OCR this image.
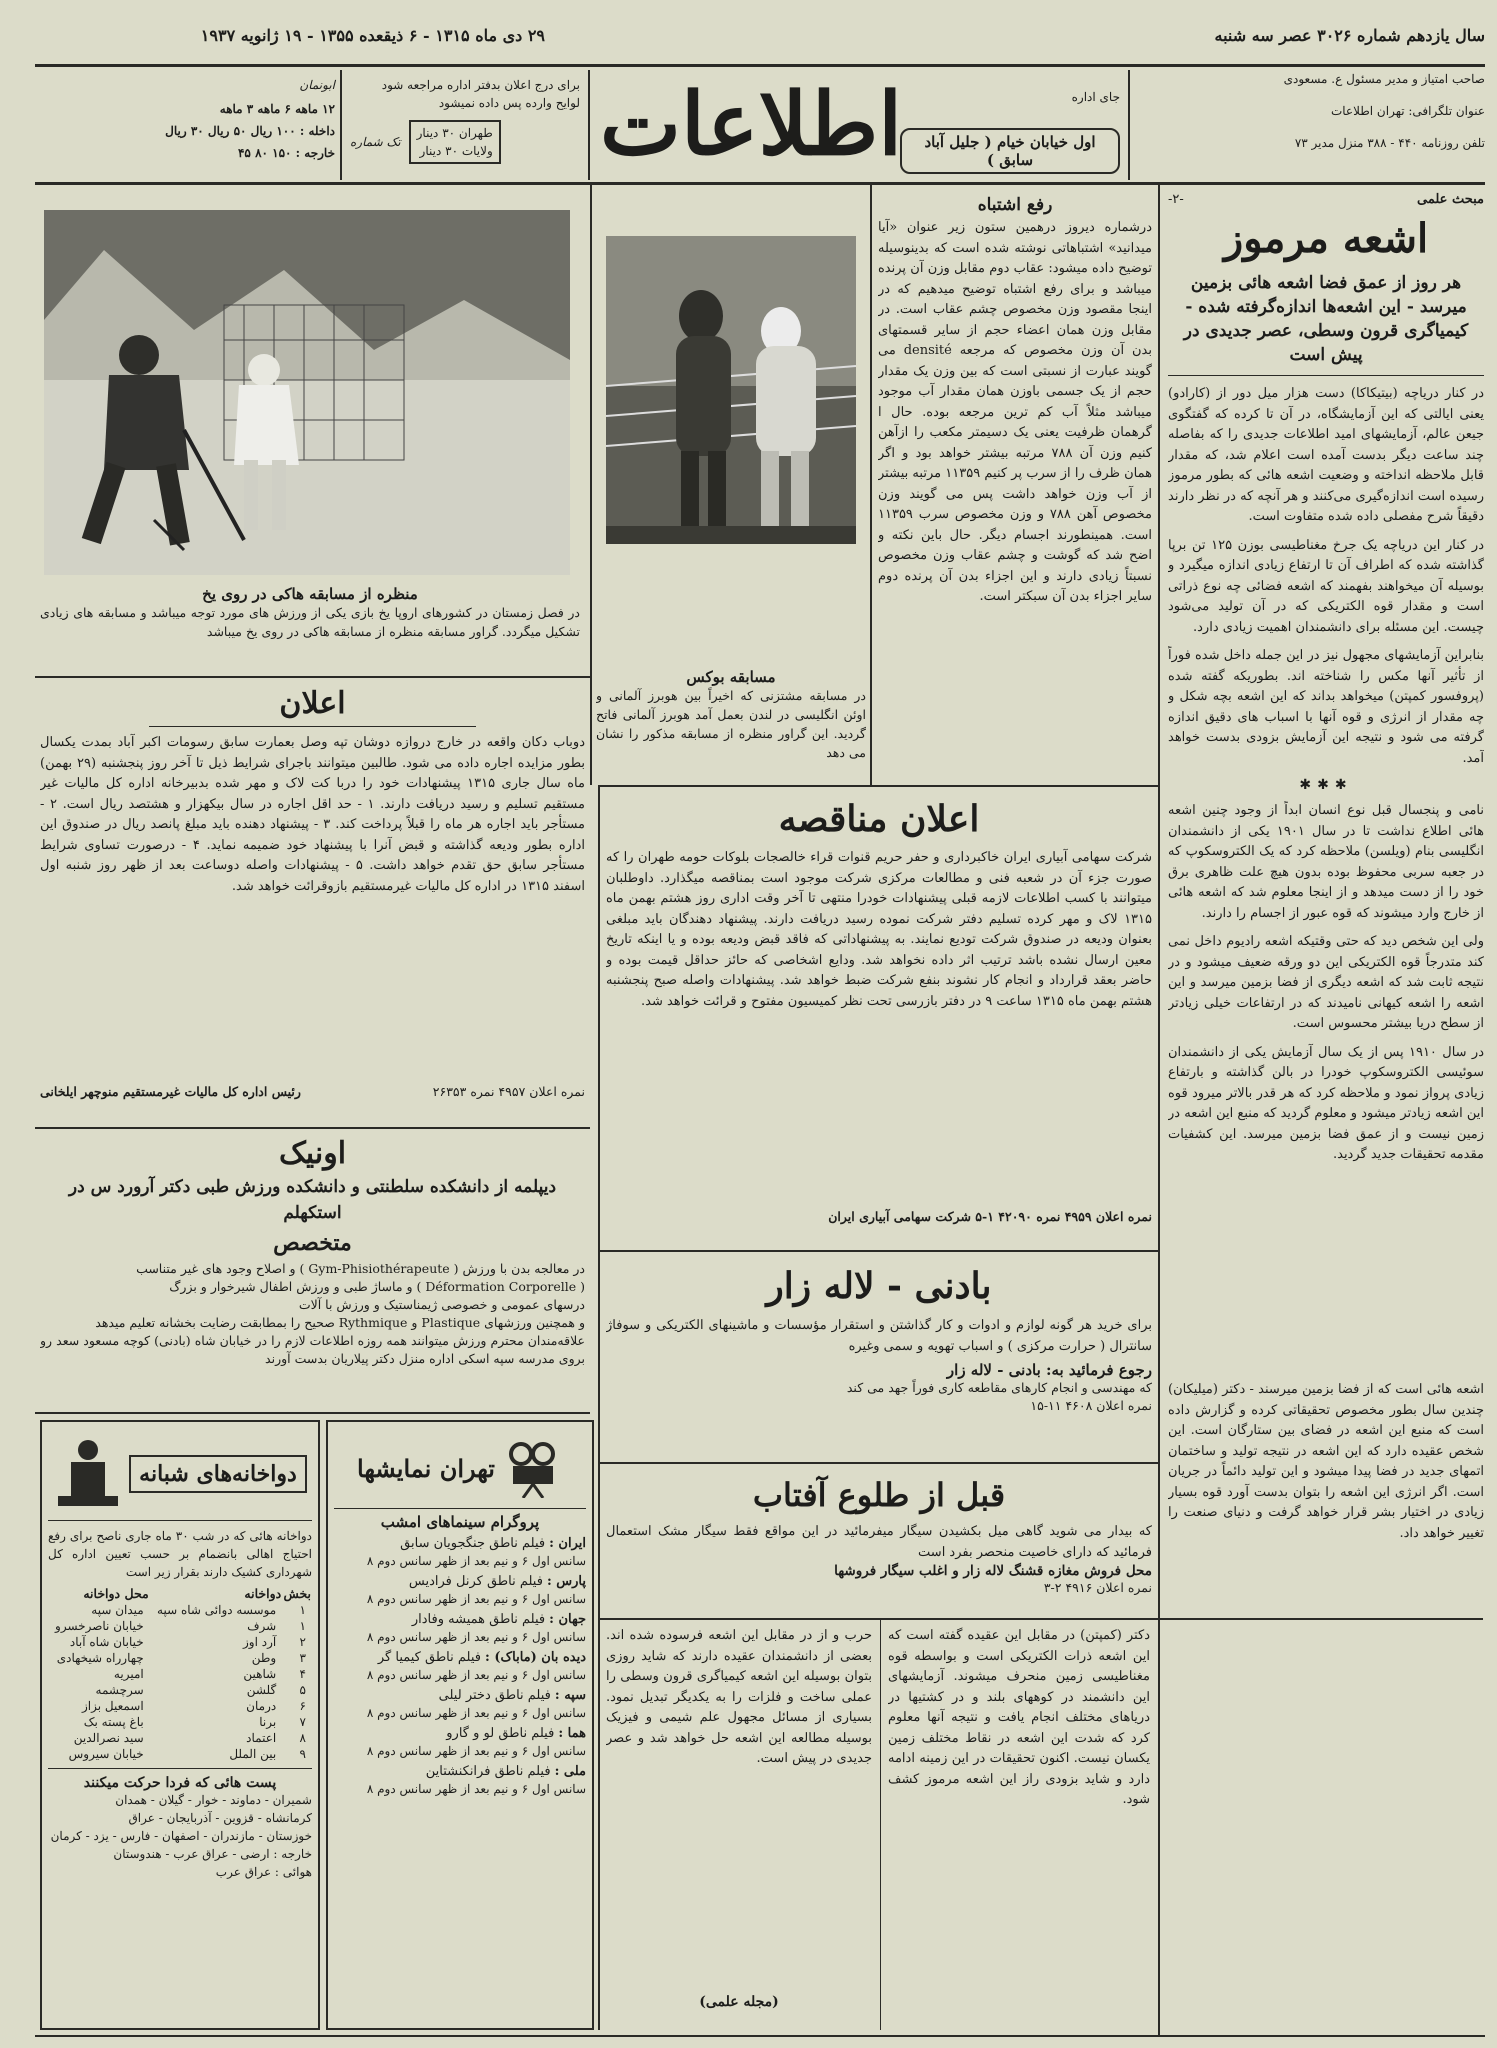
سال یازدهم شماره ۳۰۲۶ عصر سه شنبه
۲۹ دی ماه ۱۳۱۵ - ۶ ذیقعده ۱۳۵۵ - ۱۹ ژانویه ۱۹۳۷
صاحب امتیاز و مدیر مسئول ع. مسعودی
عنوان تلگرافی: تهران اطلاعات
تلفن روزنامه ۴۴۰ - ۳۸۸ منزل مدیر ۷۳
جای اداره
اول خیابان خیام ( جلیل آباد سابق )
اطلاعات
برای درج اعلان بدفتر اداره مراجعه شود
لوایح وارده پس داده نمیشود
تک شماره
طهران ۳۰ دینار
ولایات ۳۰ دینار
ابونمان
۱۲ ماهه ۶ ماهه ۳ ماهه
داخله : ۱۰۰ ریال ۵۰ ریال ۳۰ ریال
خارجه : ۱۵۰ ۸۰ ۴۵
-۲-	مبحث علمی
اشعه مرموز
هر روز از عمق فضا اشعه هائی بزمین میرسد - این اشعه‌ها اندازه‌گرفته شده - کیمیاگری قرون وسطی، عصر جدیدی در پیش است

در کنار دریاچه (بیتیکاکا) دست هزار میل دور از (کارادو) یعنی ایالتی که این آزمایشگاه، در آن تا کرده که گفتگوی جیعن عالم، آزمایشهای امید اطلاعات جدیدی را که بفاصله چند ساعت دیگر بدست آمده است اعلام شد، که مقدار قابل ملاحظه انداخته و وضعیت اشعه هائی که بطور مرموز رسیده است اندازه‌گیری می‌کنند و هر آنچه که در نظر دارند دقیقاً شرح مفصلی داده شده متفاوت است.

در کنار این دریاچه یک جرخ مغناطیسی بوزن ۱۲۵ تن برپا گذاشته شده که اطراف آن تا ارتفاع زیادی اندازه میگیرد و بوسیله آن میخواهند بفهمند که اشعه فضائی چه نوع ذراتی است و مقدار قوه الکتریکی که در آن تولید می‌شود چیست. این مسئله برای دانشمندان اهمیت زیادی دارد.

بنابراین آزمایشهای مجهول نیز در این جمله داخل شده فوراً از تأثیر آنها مکس را شناخته اند. بطوریکه گفته شده (پروفسور کمپتن) میخواهد بداند که این اشعه بچه شکل و چه مقدار از انرژی و قوه آنها با اسباب های دقیق اندازه گرفته می شود و نتیجه این آزمایش بزودی بدست خواهد آمد.

✱✱✱

نامی و پنجسال قبل نوع انسان ابداً از وجود چنین اشعه هائی اطلاع نداشت تا در سال ۱۹۰۱ یکی از دانشمندان انگلیسی بنام (ویلسن) ملاحظه کرد که یک الکتروسکوپ که در جعبه سربی محفوظ بوده بدون هیچ علت ظاهری برق خود را از دست میدهد و از اینجا معلوم شد که اشعه هائی از خارج وارد میشوند که قوه عبور از اجسام را دارند.

ولی این شخص دید که حتی وقتیکه اشعه رادیوم داخل نمی کند متدرجاً قوه الکتریکی این دو ورقه ضعیف میشود و در نتیجه ثابت شد که اشعه دیگری از فضا بزمین میرسد و این اشعه را اشعه کیهانی نامیدند که در ارتفاعات خیلی زیادتر از سطح دریا بیشتر محسوس است.

در سال ۱۹۱۰ پس از یک سال آزمایش یکی از دانشمندان سوئیسی الکتروسکوپ خودرا در بالن گذاشته و بارتفاع زیادی پرواز نمود و ملاحظه کرد که هر قدر بالاتر میرود قوه این اشعه زیادتر میشود و معلوم گردید که منبع این اشعه در زمین نیست و از عمق فضا بزمین میرسد. این کشفیات مقدمه تحقیقات جدید گردید.

رفع اشتباه

درشماره دیروز درهمین ستون زیر عنوان «آیا میدانید» اشتباهاتی نوشته شده است که بدینوسیله توضیح داده میشود: عقاب دوم مقابل وزن آن پرنده میباشد و برای رفع اشتباه توضیح میدهیم که در اینجا مقصود وزن مخصوص چشم عقاب است. در مقابل وزن همان اعضاء حجم از سایر قسمتهای بدن آن وزن مخصوص که مرجعه densité می گویند عبارت از نسبتی است که بین وزن یک مقدار حجم از یک جسمی باوزن همان مقدار آب موجود میباشد مثلاً آب کم ترین مرجعه بوده. حال ا گرهمان ظرفیت یعنی یک دسیمتر مکعب را ازآهن کنیم وزن آن ۷۸۸ مرتبه بیشتر خواهد بود و اگر همان ظرف را از سرب پر کنیم ۱۱۳۵۹ مرتبه بیشتر از آب وزن خواهد داشت پس می گویند وزن مخصوص آهن ۷۸۸ و وزن مخصوص سرب ۱۱۳۵۹ است. همینطورند اجسام دیگر. حال باین نکته و اضح شد که گوشت و چشم عقاب وزن مخصوص نسبتاً زیادی دارند و این اجزاء بدن آن پرنده دوم سایر اجزاء بدن آن سبکتر است.

مسابقه بوکس

در مسابقه مشتزنی که اخیراً بین هوبرز آلمانی و اوئن انگلیسی در لندن بعمل آمد هوبرز آلمانی فاتح گردید. این گراور منظره از مسابقه مذکور را نشان می دهد

منظره از مسابقه هاکی در روی یخ

در فصل زمستان در کشورهای اروپا یخ بازی یکی از ورزش های مورد توجه میباشد و مسابقه های زیادی تشکیل میگردد. گراور مسابقه منظره از مسابقه هاکی در روی یخ میباشد

اعلان

دوباب دکان واقعه در خارج دروازه دوشان تپه وصل بعمارت سابق رسومات اکبر آباد بمدت یکسال بطور مزایده اجاره داده می شود. طالبین میتوانند باجرای شرایط ذیل تا آخر روز پنجشنبه (۲۹ بهمن) ماه سال جاری ۱۳۱۵ پیشنهادات خود را دربا کت لاک و مهر شده بدبیرخانه اداره کل مالیات غیر مستقیم تسلیم و رسید دریافت دارند. ۱ - حد اقل اجاره در سال بیکهزار و هشتصد ریال است. ۲ - مستأجر باید اجاره هر ماه را قبلاً پرداخت کند. ۳ - پیشنهاد دهنده باید مبلغ پانصد ریال در صندوق این اداره بطور ودیعه گذاشته و قبض آنرا با پیشنهاد خود ضمیمه نماید. ۴ - درصورت تساوی شرایط مستأجر سابق حق تقدم خواهد داشت. ۵ - پیشنهادات واصله دوساعت بعد از ظهر روز شنبه اول اسفند ۱۳۱۵ در اداره کل مالیات غیرمستقیم بازوقرائت خواهد شد.

نمره اعلان ۴۹۵۷ نمره ۲۶۳۵۳
رئیس اداره کل مالیات غیرمستقیم منوچهر ایلخانی
اونیک
دیپلمه از دانشکده سلطنتی و دانشکده ورزش طبی دکتر آرورد س در استکهلم
متخصص

در معالجه بدن با ورزش ( Gym-Phisiothérapeute ) و اصلاح وجود های غیر متناسب

( Déformation Corporelle ) و ماساژ طبی و ورزش اطفال شیرخوار و بزرگ

درسهای عمومی و خصوصی ژیمناستیک و ورزش با آلات

و همچنین ورزشهای Plastique و Rythmique صحیح را بمطابقت رضایت بخشانه تعلیم میدهد

علاقه‌مندان محترم ورزش میتوانند همه روزه اطلاعات لازم را در خیابان شاه (بادنی) کوچه مسعود سعد رو بروی مدرسه سپه اسکی اداره منزل دکتر پیلاریان بدست آورند

دواخانه‌های شبانه

دواخانه هائی که در شب ۳۰ ماه جاری ناصح برای رفع احتیاج اهالی بانضمام بر حسب تعیین اداره کل شهرداری کشیک دارند بقرار زیر است

بخش	دواخانه	محل دواخانه
۱	موسسه دوائی شاه سپه	میدان سپه
۱	شرف	خیابان ناصرخسرو
۲	آرد اوز	خیابان شاه آباد
۳	وطن	چهارراه شیخهادی
۴	شاهین	امیریه
۵	گلشن	سرچشمه
۶	درمان	اسمعیل بزاز
۷	برنا	باغ پسته بک
۸	اعتماد	سید نصرالدین
۹	بین الملل	خیابان سیروس
پست هائی که فردا حرکت میکنند
شمیران - دماوند - خوار - گیلان - همدان
کرمانشاه - قزوین - آذربایجان - عراق
خوزستان - مازندران - اصفهان - فارس - یزد - کرمان
خارجه : ارضی - عراق عرب - هندوستان
هوائی : عراق عرب
تهران نمایشها
پروگرام سینماهای امشب
ایران :فیلم ناطق جنگجویان سابق
سانس اول ۶ و نیم بعد از ظهر سانس دوم ۸
پارس :فیلم ناطق کرنل فرادیس
سانس اول ۶ و نیم بعد از ظهر سانس دوم ۸
جهان :فیلم ناطق همیشه وفادار
سانس اول ۶ و نیم بعد از ظهر سانس دوم ۸
دیده بان (ماباک) :فیلم ناطق کیمیا گر
سانس اول ۶ و نیم بعد از ظهر سانس دوم ۸
سپه :فیلم ناطق دختر لیلی
سانس اول ۶ و نیم بعد از ظهر سانس دوم ۸
هما :فیلم ناطق لو و گارو
سانس اول ۶ و نیم بعد از ظهر سانس دوم ۸
ملی :فیلم ناطق فرانکنشتاین
سانس اول ۶ و نیم بعد از ظهر سانس دوم ۸
اعلان مناقصه

شرکت سهامی آبیاری ایران خاکبرداری و حفر حریم قنوات قراء خالصجات بلوکات حومه طهران را که صورت جزء آن در شعبه فنی و مطالعات مرکزی شرکت موجود است بمناقصه میگذارد. داوطلبان میتوانند با کسب اطلاعات لازمه قبلی پیشنهادات خودرا منتهی تا آخر وقت اداری روز هشتم بهمن ماه ۱۳۱۵ لاک و مهر کرده تسلیم دفتر شرکت نموده رسید دریافت دارند. پیشنهاد دهندگان باید مبلغی بعنوان ودیعه در صندوق شرکت تودیع نمایند. به پیشنهاداتی که فاقد قبض ودیعه بوده و یا اینکه تاریخ معین ارسال نشده باشد ترتیب اثر داده نخواهد شد. ودایع اشخاصی که حائز حداقل قیمت بوده و حاضر بعقد قرارداد و انجام کار نشوند بنفع شرکت ضبط خواهد شد. پیشنهادات واصله صبح پنجشنبه هشتم بهمن ماه ۱۳۱۵ ساعت ۹ در دفتر بازرسی تحت نظر کمیسیون مفتوح و قرائت خواهد شد.

نمره اعلان ۴۹۵۹ نمره ۴۲۰۹۰ ۱-۵ شرکت سهامی آبیاری ایران
بادنی - لاله زار

برای خرید هر گونه لوازم و ادوات و کار گذاشتن و استقرار مؤسسات و ماشینهای الکتریکی و سوفاژ سانترال ( حرارت مرکزی ) و اسباب تهویه و سمی وغیره

رجوع فرمائید به: بادنی - لاله زار
که مهندسی و انجام کارهای مقاطعه کاری فوراً جهد می کند
نمره اعلان ۴۶۰۸ ۱۱-۱۵
قبل از طلوع آفتاب

که بیدار می شوید گاهی میل بکشیدن سیگار میفرمائید در این مواقع فقط سیگار مشک استعمال فرمائید که دارای خاصیت منحصر بفرد است

محل فروش مغازه قشنگ لاله زار و اغلب سیگار فروشها
نمره اعلان ۴۹۱۶ ۲-۳

اشعه هائی است که از فضا بزمین میرسند - دکتر (میلیکان) چندین سال بطور مخصوص تحقیقاتی کرده و گزارش داده است که منبع این اشعه در فضای بین ستارگان است. این شخص عقیده دارد که این اشعه در نتیجه تولید و ساختمان اتمهای جدید در فضا پیدا میشود و این تولید دائماً در جریان است. اگر انرژی این اشعه را بتوان بدست آورد قوه بسیار زیادی در اختیار بشر قرار خواهد گرفت و دنیای صنعت را تغییر خواهد داد.

دکتر (کمپتن) در مقابل این عقیده گفته است که این اشعه ذرات الکتریکی است و بواسطه قوه مغناطیسی زمین منحرف میشوند. آزمایشهای این دانشمند در کوههای بلند و در کشتیها در دریاهای مختلف انجام یافت و نتیجه آنها معلوم کرد که شدت این اشعه در نقاط مختلف زمین یکسان نیست. اکنون تحقیقات در این زمینه ادامه دارد و شاید بزودی راز این اشعه مرموز کشف شود.

حرب و از در مقابل این اشعه فرسوده شده اند. بعضی از دانشمندان عقیده دارند که شاید روزی بتوان بوسیله این اشعه کیمیاگری قرون وسطی را عملی ساخت و فلزات را به یکدیگر تبدیل نمود. بسیاری از مسائل مجهول علم شیمی و فیزیک بوسیله مطالعه این اشعه حل خواهد شد و عصر جدیدی در پیش است.

(مجله علمی)
